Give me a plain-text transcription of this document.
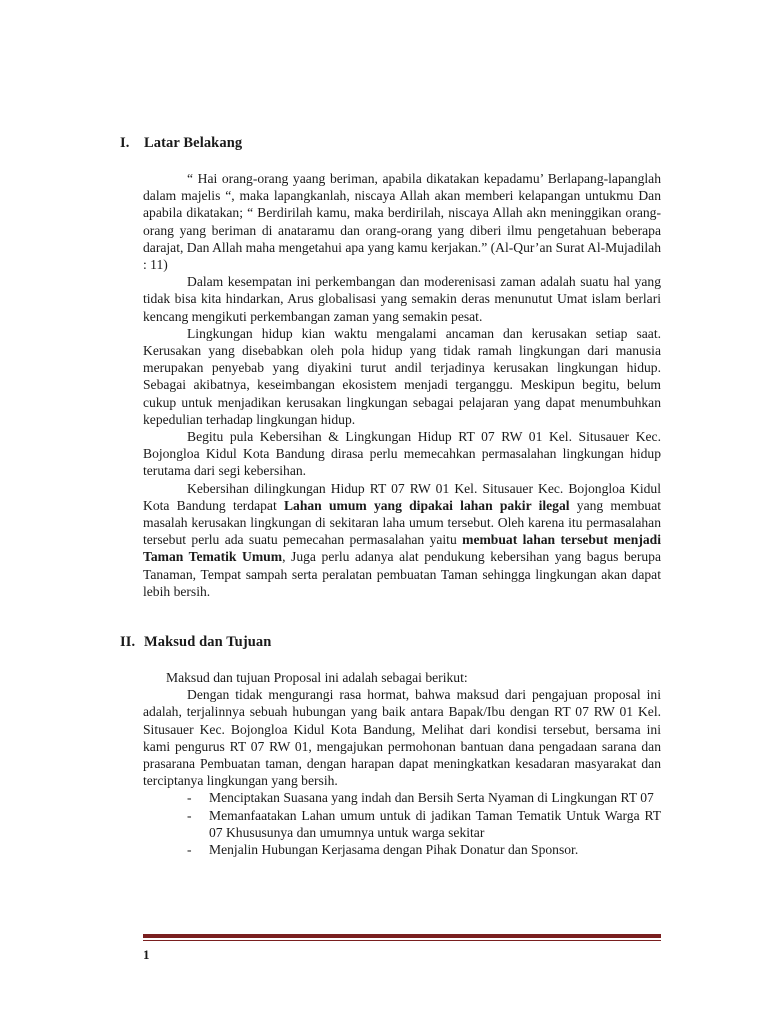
I. Latar Belakang

“ Hai orang-orang yaang beriman, apabila dikatakan kepadamu’ Berlapang-lapanglah dalam majelis “, maka lapangkanlah, niscaya Allah akan memberi kelapangan untukmu Dan apabila dikatakan; “ Berdirilah kamu, maka berdirilah, niscaya Allah akn meninggikan orang-orang yang beriman di anataramu dan orang-orang yang diberi ilmu pengetahuan beberapa darajat, Dan Allah maha mengetahui apa yang kamu kerjakan.” (Al-Qur’an Surat Al-Mujadilah : 11)

Dalam kesempatan ini perkembangan dan moderenisasi zaman adalah suatu hal yang tidak bisa kita hindarkan, Arus globalisasi yang semakin deras menunutut Umat islam berlari kencang mengikuti perkembangan zaman yang semakin pesat.

Lingkungan hidup kian waktu mengalami ancaman dan kerusakan setiap saat. Kerusakan yang disebabkan oleh pola hidup yang tidak ramah lingkungan dari manusia merupakan penyebab yang diyakini turut andil terjadinya kerusakan lingkungan hidup. Sebagai akibatnya, keseimbangan ekosistem menjadi terganggu. Meskipun begitu, belum cukup untuk menjadikan kerusakan lingkungan sebagai pelajaran yang dapat menumbuhkan kepedulian terhadap lingkungan hidup.

Begitu pula Kebersihan & Lingkungan Hidup RT 07 RW 01 Kel. Situsauer Kec. Bojongloa Kidul Kota Bandung dirasa perlu memecahkan permasalahan lingkungan hidup terutama dari segi kebersihan.

Kebersihan dilingkungan Hidup RT 07 RW 01 Kel. Situsauer Kec. Bojongloa Kidul Kota Bandung terdapat Lahan umum yang dipakai lahan pakir ilegal yang membuat masalah kerusakan lingkungan di sekitaran laha umum tersebut. Oleh karena itu permasalahan tersebut perlu ada suatu pemecahan permasalahan yaitu membuat lahan tersebut menjadi Taman Tematik Umum, Juga perlu adanya alat pendukung kebersihan yang bagus berupa Tanaman, Tempat sampah serta peralatan pembuatan Taman sehingga lingkungan akan dapat lebih bersih.

II. Maksud dan Tujuan

Maksud dan tujuan Proposal ini adalah sebagai berikut:

Dengan tidak mengurangi rasa hormat, bahwa maksud dari pengajuan proposal ini adalah, terjalinnya sebuah hubungan yang baik antara Bapak/Ibu dengan RT 07 RW 01 Kel. Situsauer Kec. Bojongloa Kidul Kota Bandung, Melihat dari kondisi tersebut, bersama ini kami pengurus RT 07 RW 01, mengajukan permohonan bantuan dana pengadaan sarana dan prasarana Pembuatan taman, dengan harapan dapat meningkatkan kesadaran masyarakat dan terciptanya lingkungan yang bersih.

- Menciptakan Suasana yang indah dan Bersih Serta Nyaman di Lingkungan RT 07
- Memanfaatakan Lahan umum untuk di jadikan Taman Tematik Untuk Warga RT 07 Khususunya dan umumnya untuk warga sekitar
- Menjalin Hubungan Kerjasama dengan Pihak Donatur dan Sponsor.
1
